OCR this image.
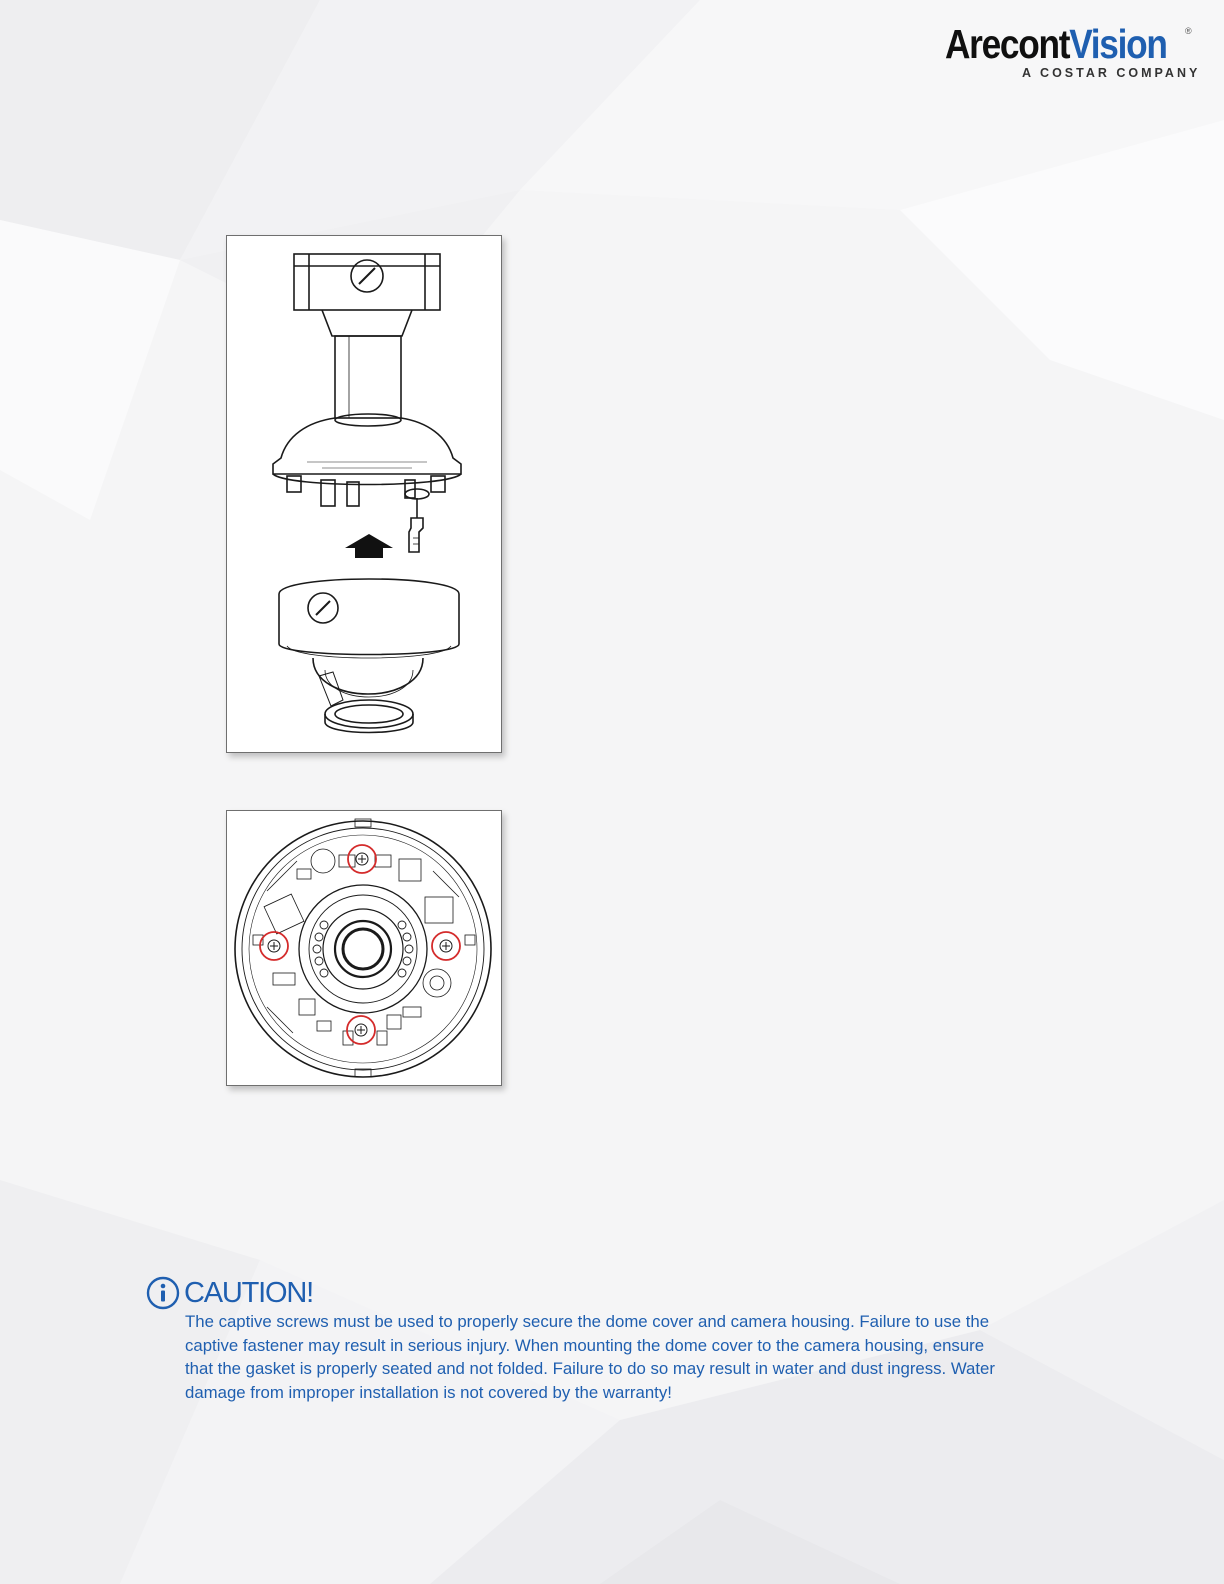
ArecontVision ®
A COSTAR COMPANY
CAUTION!
The captive screws must be used to properly secure the dome cover and camera housing. Failure to use the
captive fastener may result in serious injury. When mounting the dome cover to the camera housing, ensure
that the gasket is properly seated and not folded. Failure to do so may result in water and dust ingress. Water
damage from improper installation is not covered by the warranty!
